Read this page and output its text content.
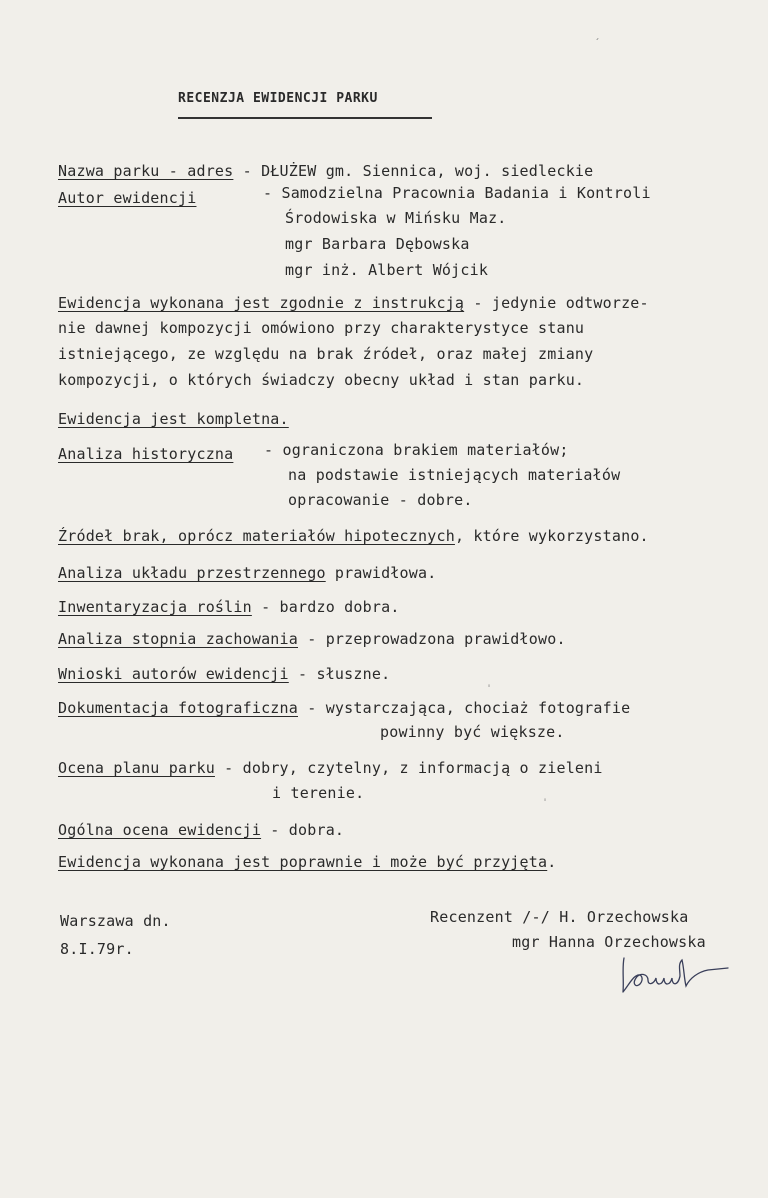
RECENZJA EWIDENCJI PARKU
Nazwa parku - adres - DŁUŻEW gm. Siennica, woj. siedleckie
Autor ewidencji	- Samodzielna Pracownia Badania i Kontroli
Środowiska w Mińsku Maz.
mgr Barbara Dębowska
mgr inż. Albert Wójcik
Ewidencja wykonana jest zgodnie z instrukcją - jedynie odtworze-
nie dawnej kompozycji omówiono przy charakterystyce stanu
istniejącego, ze względu na brak źródeł, oraz małej zmiany
kompozycji, o których świadczy obecny układ i stan parku.
Ewidencja jest kompletna.
Analiza historyczna - ograniczona brakiem materiałów;
na podstawie istniejących materiałów
opracowanie - dobre.
Źródeł brak, oprócz materiałów hipotecznych, które wykorzystano.
Analiza układu przestrzennego prawidłowa.
Inwentaryzacja roślin - bardzo dobra.
Analiza stopnia zachowania - przeprowadzona prawidłowo.
Wnioski autorów ewidencji - słuszne.
Dokumentacja fotograficzna - wystarczająca, chociaż fotografie
powinny być większe.
Ocena planu parku - dobry, czytelny, z informacją o zieleni
i terenie.
Ogólna ocena ewidencji - dobra.
Ewidencja wykonana jest poprawnie i może być przyjęta.
Warszawa dn.
8.I.79r.
Recenzent /-/ H. Orzechowska
mgr Hanna Orzechowska
´
ˈ
ˈ
